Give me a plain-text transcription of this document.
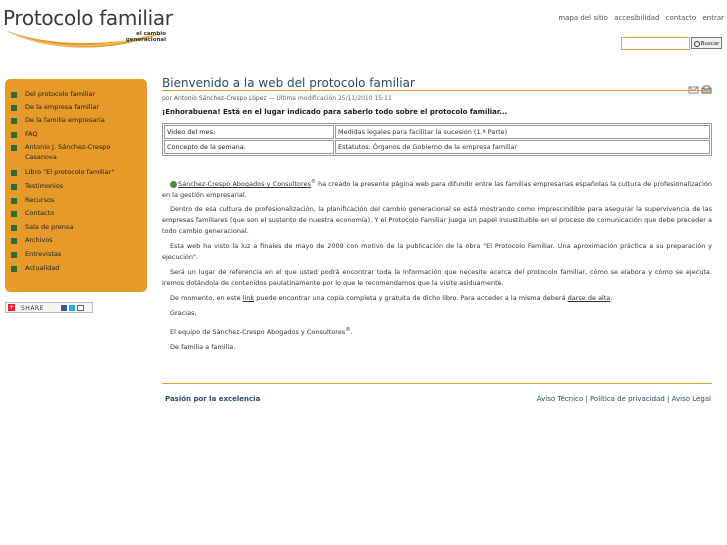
Protocolo familiar
el cambio
generacional
mapa del sitio accesibilidad contacto entrar
Buscar
Del protocolo familiar
De la empresa familiar
De la familia empresaria
FAQ
Antonio J. Sánchez-Crespo Casanova
Libro "El protocolo familiar"
Testimonios
Recursos
Contacto
Sala de prensa
Archivos
Entrevistas
Actualidad
+ SHARE
Bienvenido a la web del protocolo familiar
por Antonio Sánchez-Crespo López — Última modificación 25/11/2010 15:11
¡Enhorabuena! Está en el lugar indicado para saberlo todo sobre el protocolo familiar...
Video del mes:	Medidas legales para facilitar la sucesión (1.ª Parte)
Concepto de la semana:	Estatutos: Órganos de Gobierno de la empresa familiar
Sánchez-Crespo Abogados y Consultores® ha creado la presente página web para difundir entre las familias empresarias españolas la cultura de profesionalización en la gestión empresarial.
Dentro de esa cultura de profesionalización, la planificación del cambio generacional se está mostrando como imprescindible para asegurar la supervivencia de las empresas familiares (que son el sustento de nuestra economía). Y el Protocolo Familiar juega un papel insustituible en el proceso de comunicación que debe preceder a todo cambio generacional.
Esta web ha visto la luz a finales de mayo de 2009 con motivo de la publicación de la obra "El Protocolo Familiar. Una aproximación práctica a su preparación y ejecución".
Será un lugar de referencia en el que usted podrá encontrar toda la información que necesite acerca del protocolo familiar, cómo se elabora y cómo se ejecuta. Iremos dotándola de contenidos paulatinamente por lo que le recomendamos que la visite asiduamente.
De momento, en este link puede encontrar una copia completa y gratuita de dicho libro. Para acceder a la misma deberá darse de alta.
Gracias,
El equipo de Sánchez-Crespo Abogados y Consultores®.
De familia a familia.
Pasión por la excelencia	Aviso Técnico | Política de privacidad | Aviso Legal
